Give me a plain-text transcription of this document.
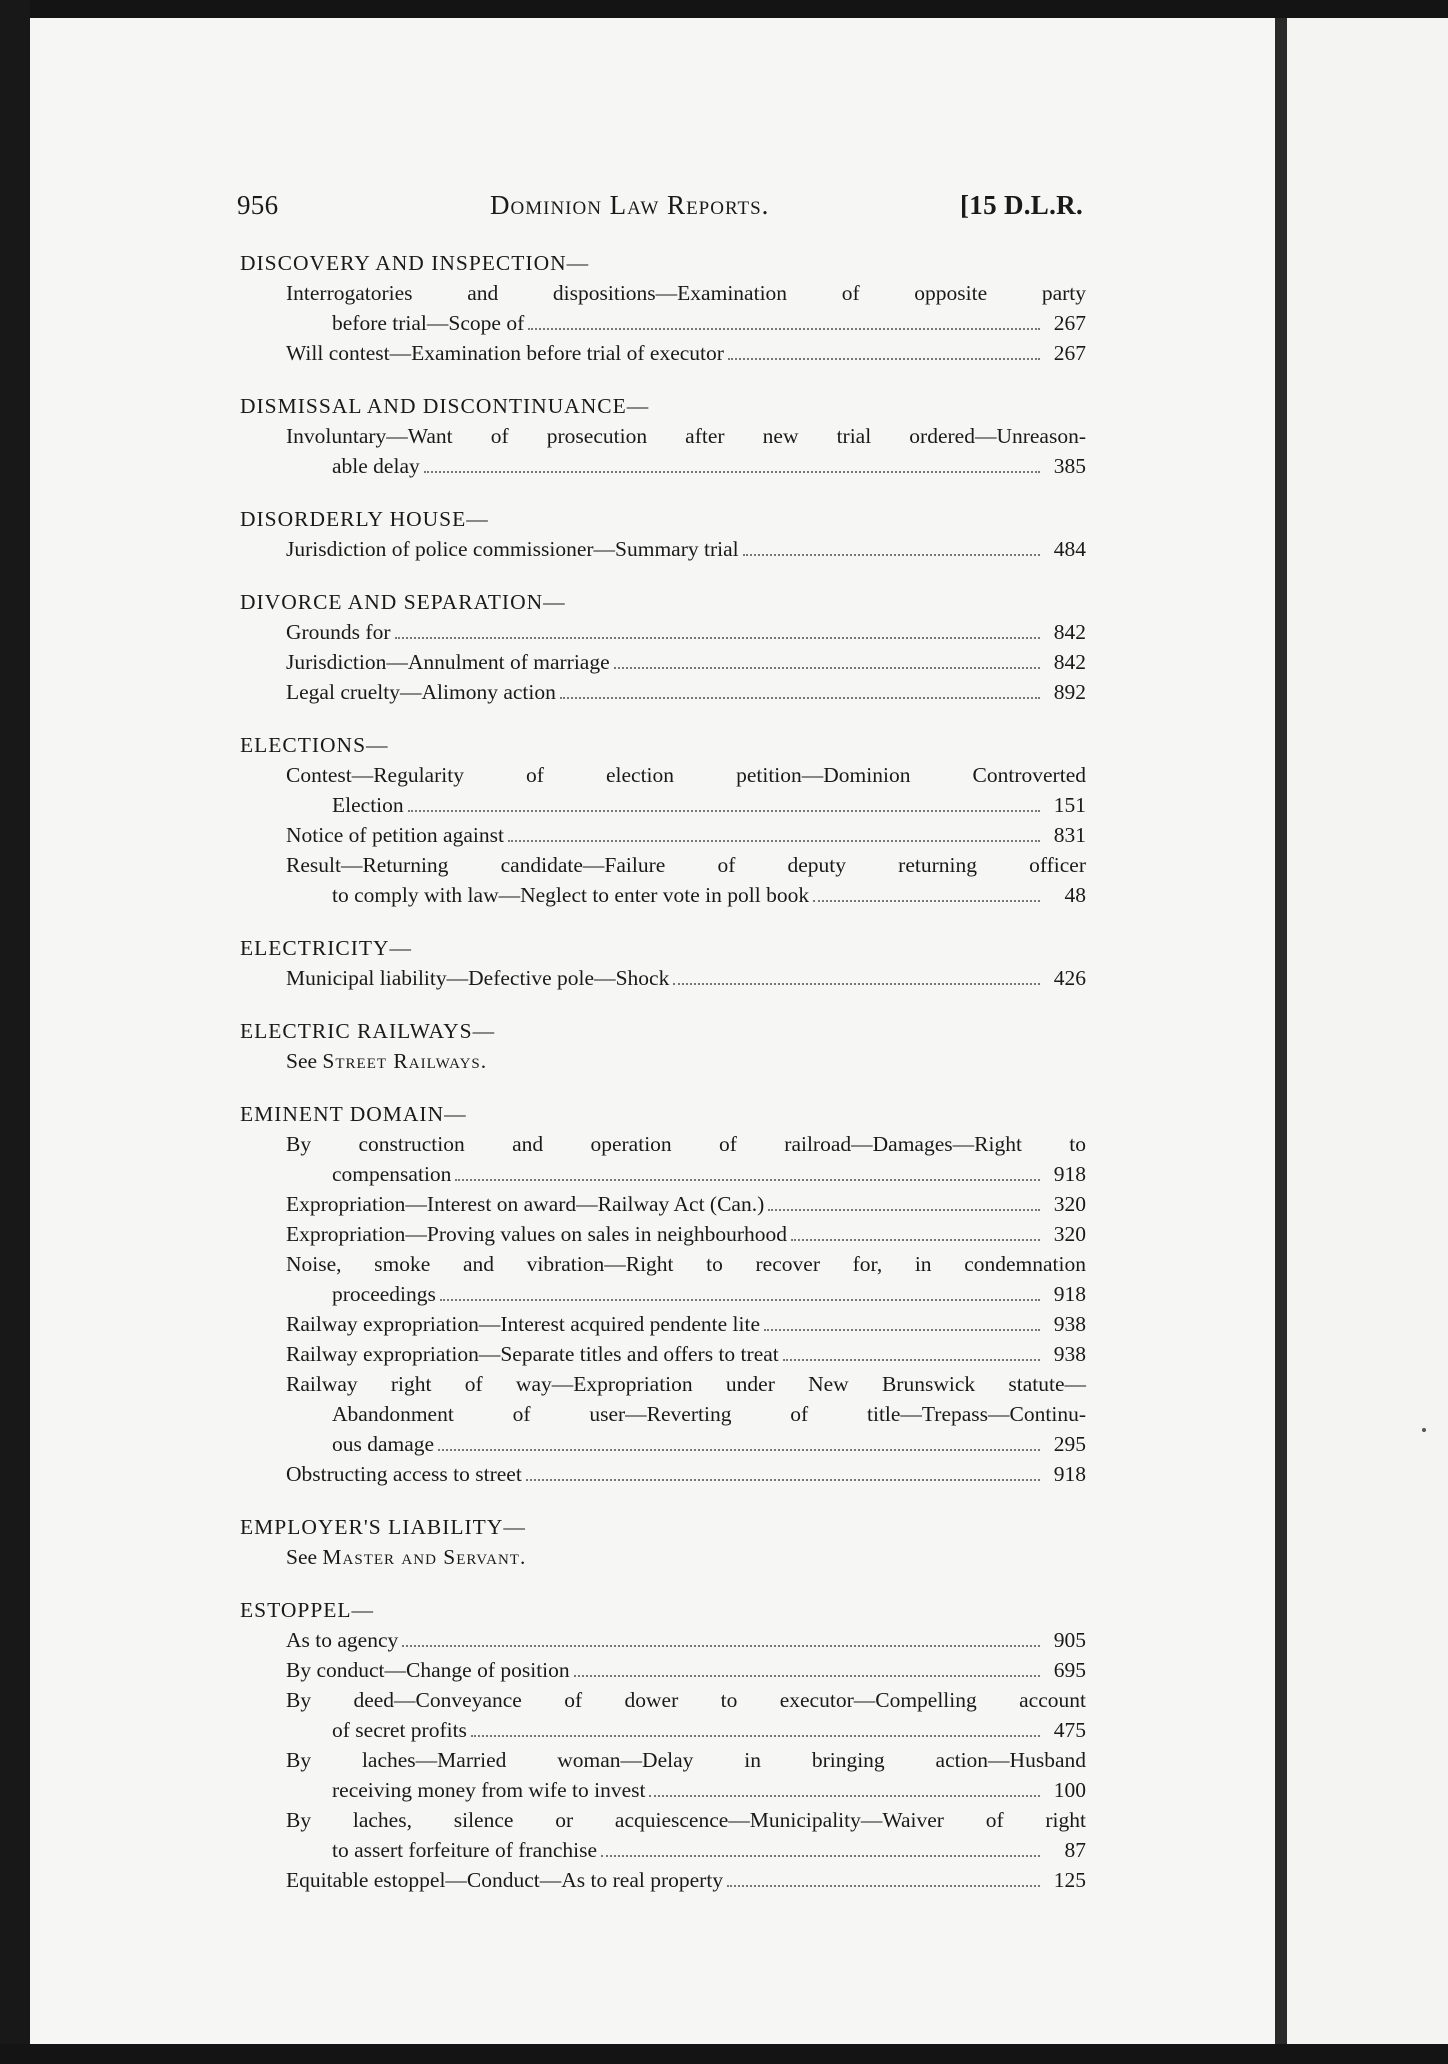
956	Dominion Law Reports.	[15 D.L.R.
DISCOVERY AND INSPECTION—
Interrogatories and dispositions—Examination of opposite party
before trial—Scope of	267
Will contest—Examination before trial of executor	267
DISMISSAL AND DISCONTINUANCE—
Involuntary—Want of prosecution after new trial ordered—Unreason-
able delay	385
DISORDERLY HOUSE—
Jurisdiction of police commissioner—Summary trial	484
DIVORCE AND SEPARATION—
Grounds for	842
Jurisdiction—Annulment of marriage	842
Legal cruelty—Alimony action	892
ELECTIONS—
Contest—Regularity of election petition—Dominion Controverted
Election	151
Notice of petition against	831
Result—Returning candidate—Failure of deputy returning officer
to comply with law—Neglect to enter vote in poll book	48
ELECTRICITY—
Municipal liability—Defective pole—Shock	426
ELECTRIC RAILWAYS—
See Street Railways.
EMINENT DOMAIN—
By construction and operation of railroad—Damages—Right to
compensation	918
Expropriation—Interest on award—Railway Act (Can.)	320
Expropriation—Proving values on sales in neighbourhood	320
Noise, smoke and vibration—Right to recover for, in condemnation
proceedings	918
Railway expropriation—Interest acquired pendente lite	938
Railway expropriation—Separate titles and offers to treat	938
Railway right of way—Expropriation under New Brunswick statute—
Abandonment of user—Reverting of title—Trepass—Continu-
ous damage	295
Obstructing access to street	918
EMPLOYER'S LIABILITY—
See Master and Servant.
ESTOPPEL—
As to agency	905
By conduct—Change of position	695
By deed—Conveyance of dower to executor—Compelling account
of secret profits	475
By laches—Married woman—Delay in bringing action—Husband
receiving money from wife to invest	100
By laches, silence or acquiescence—Municipality—Waiver of right
to assert forfeiture of franchise	87
Equitable estoppel—Conduct—As to real property	125
